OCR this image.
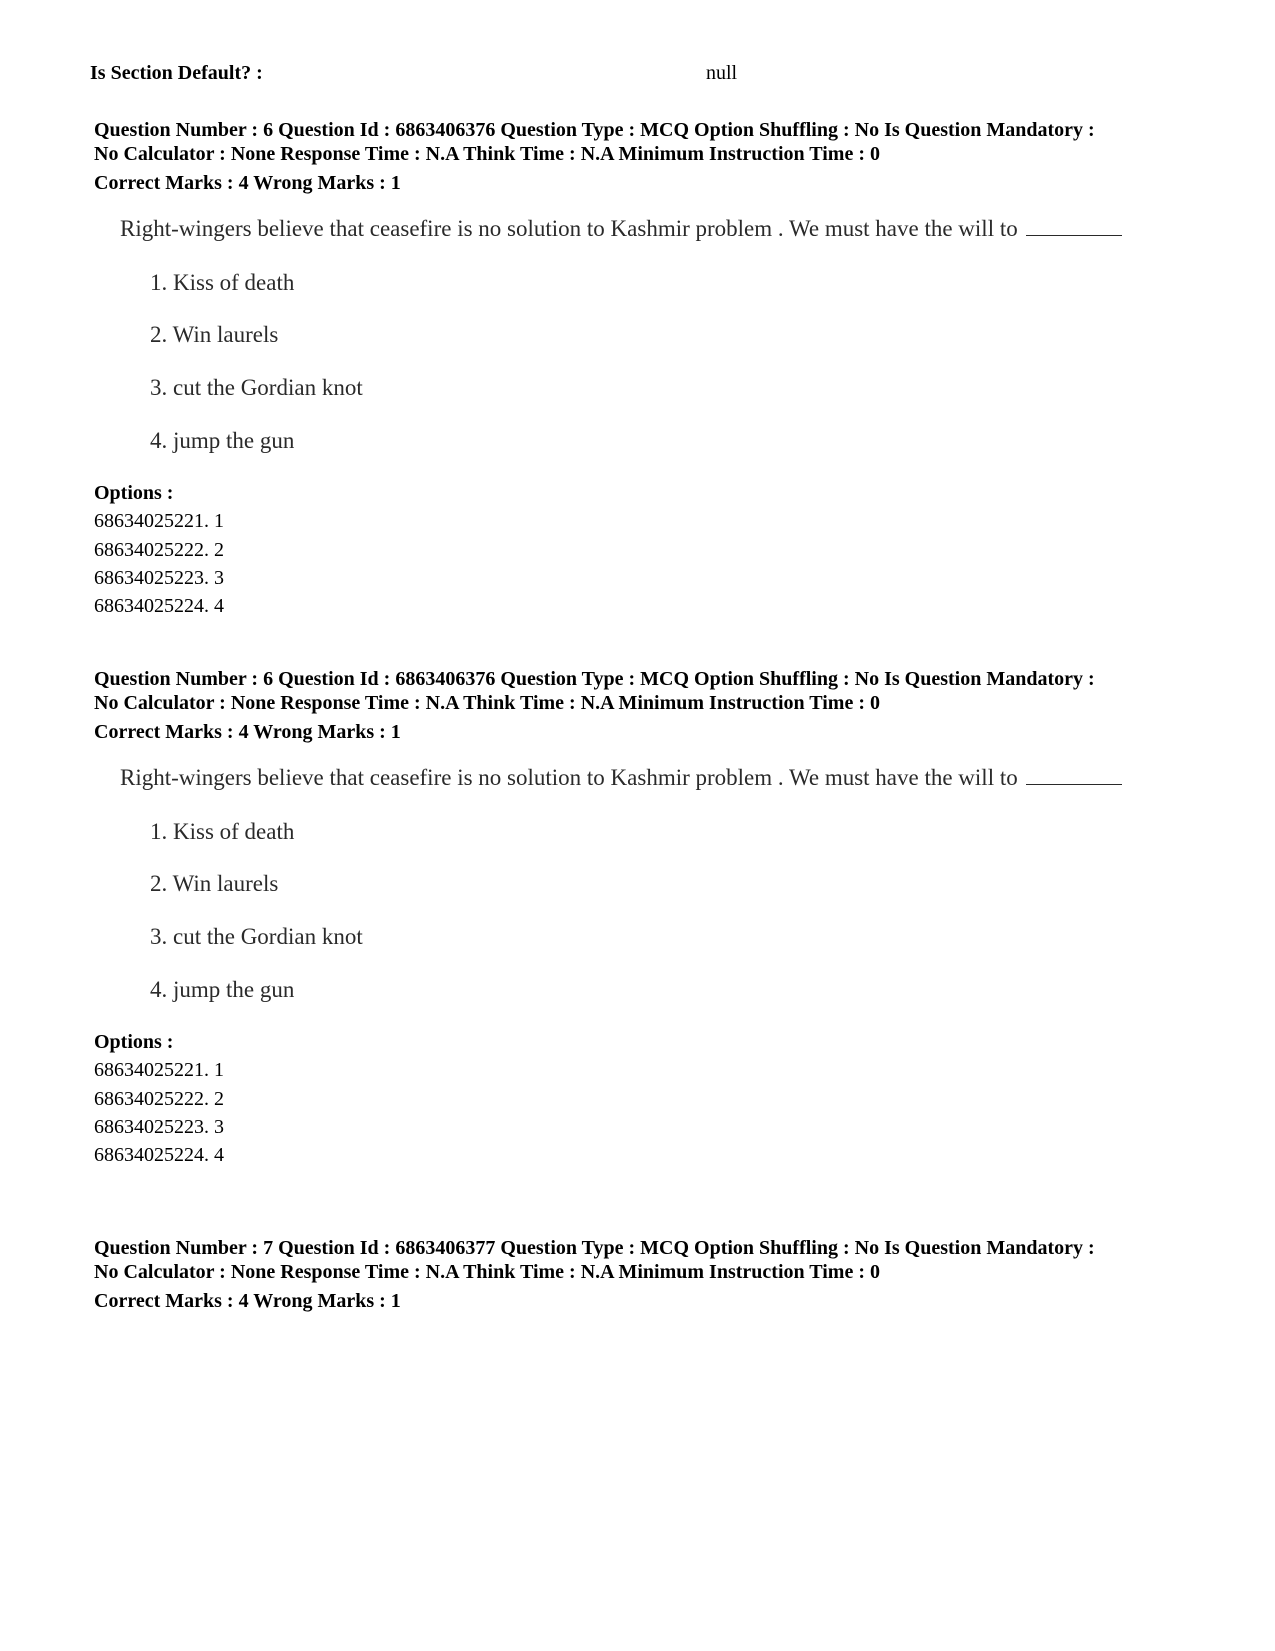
Is Section Default? :	null
Question Number : 6 Question Id : 6863406376 Question Type : MCQ Option Shuffling : No Is Question Mandatory :
No Calculator : None Response Time : N.A Think Time : N.A Minimum Instruction Time : 0
Correct Marks : 4 Wrong Marks : 1
Right-wingers believe that ceasefire is no solution to Kashmir problem . We must have the will to
1. Kiss of death
2. Win laurels
3. cut the Gordian knot
4. jump the gun
Options :
68634025221. 1
68634025222. 2
68634025223. 3
68634025224. 4
Question Number : 6 Question Id : 6863406376 Question Type : MCQ Option Shuffling : No Is Question Mandatory :
No Calculator : None Response Time : N.A Think Time : N.A Minimum Instruction Time : 0
Correct Marks : 4 Wrong Marks : 1
Right-wingers believe that ceasefire is no solution to Kashmir problem . We must have the will to
1. Kiss of death
2. Win laurels
3. cut the Gordian knot
4. jump the gun
Options :
68634025221. 1
68634025222. 2
68634025223. 3
68634025224. 4
Question Number : 7 Question Id : 6863406377 Question Type : MCQ Option Shuffling : No Is Question Mandatory :
No Calculator : None Response Time : N.A Think Time : N.A Minimum Instruction Time : 0
Correct Marks : 4 Wrong Marks : 1
